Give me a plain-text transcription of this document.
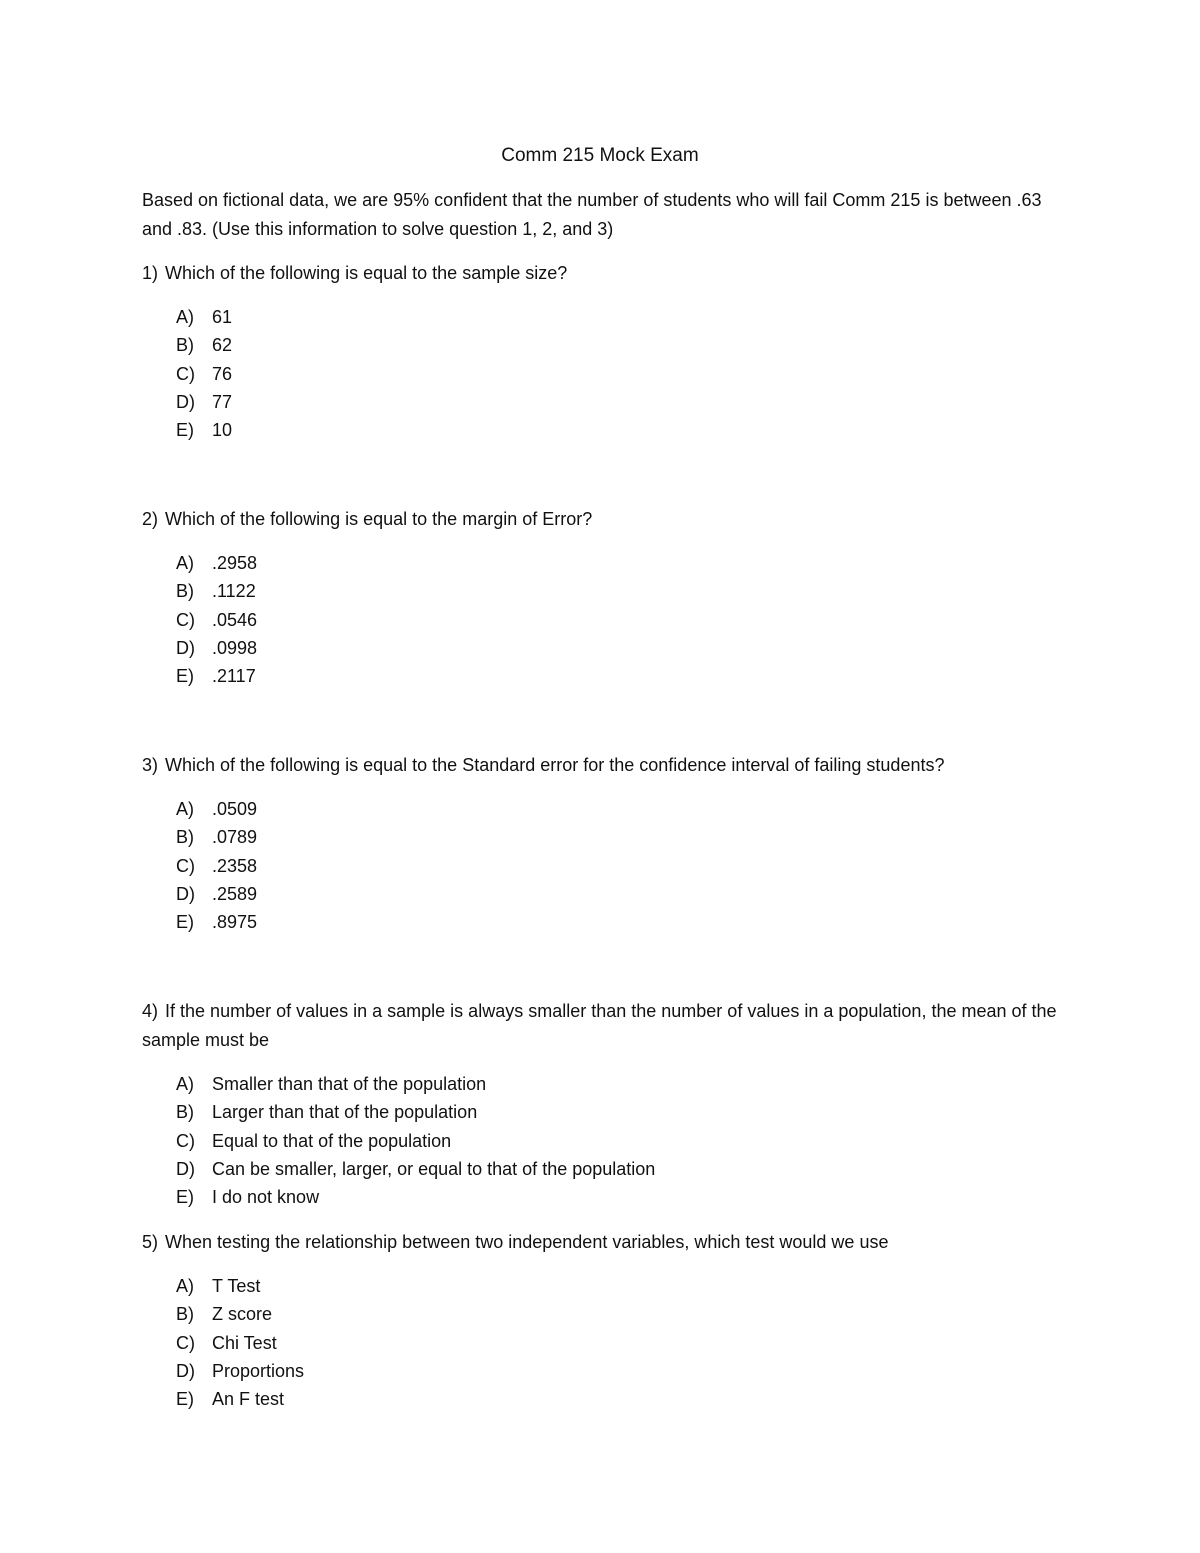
Comm 215 Mock Exam

Based on fictional data, we are 95% confident that the number of students who will fail Comm 215 is between .63 and .83. (Use this information to solve question 1, 2, and 3)

1) Which of the following is equal to the sample size?

A)	61
B)	62
C) 76
D) 77
E)	10

2) Which of the following is equal to the margin of Error?

A)	.2958
B)	.1122
C) .0546
D) .0998
E)	.2117

3) Which of the following is equal to the Standard error for the confidence interval of failing students?

A)	.0509
B)	.0789
C) .2358
D) .2589
E)	.8975

4) If the number of values in a sample is always smaller than the number of values in a population, the mean of the sample must be

A)	Smaller than that of the population
B)	Larger than that of the population
C) Equal to that of the population
D) Can be smaller, larger, or equal to that of the population
E)	I do not know

5) When testing the relationship between two independent variables, which test would we use

A)	T Test
B)	Z score
C) Chi Test
D) Proportions
E)	An F test
